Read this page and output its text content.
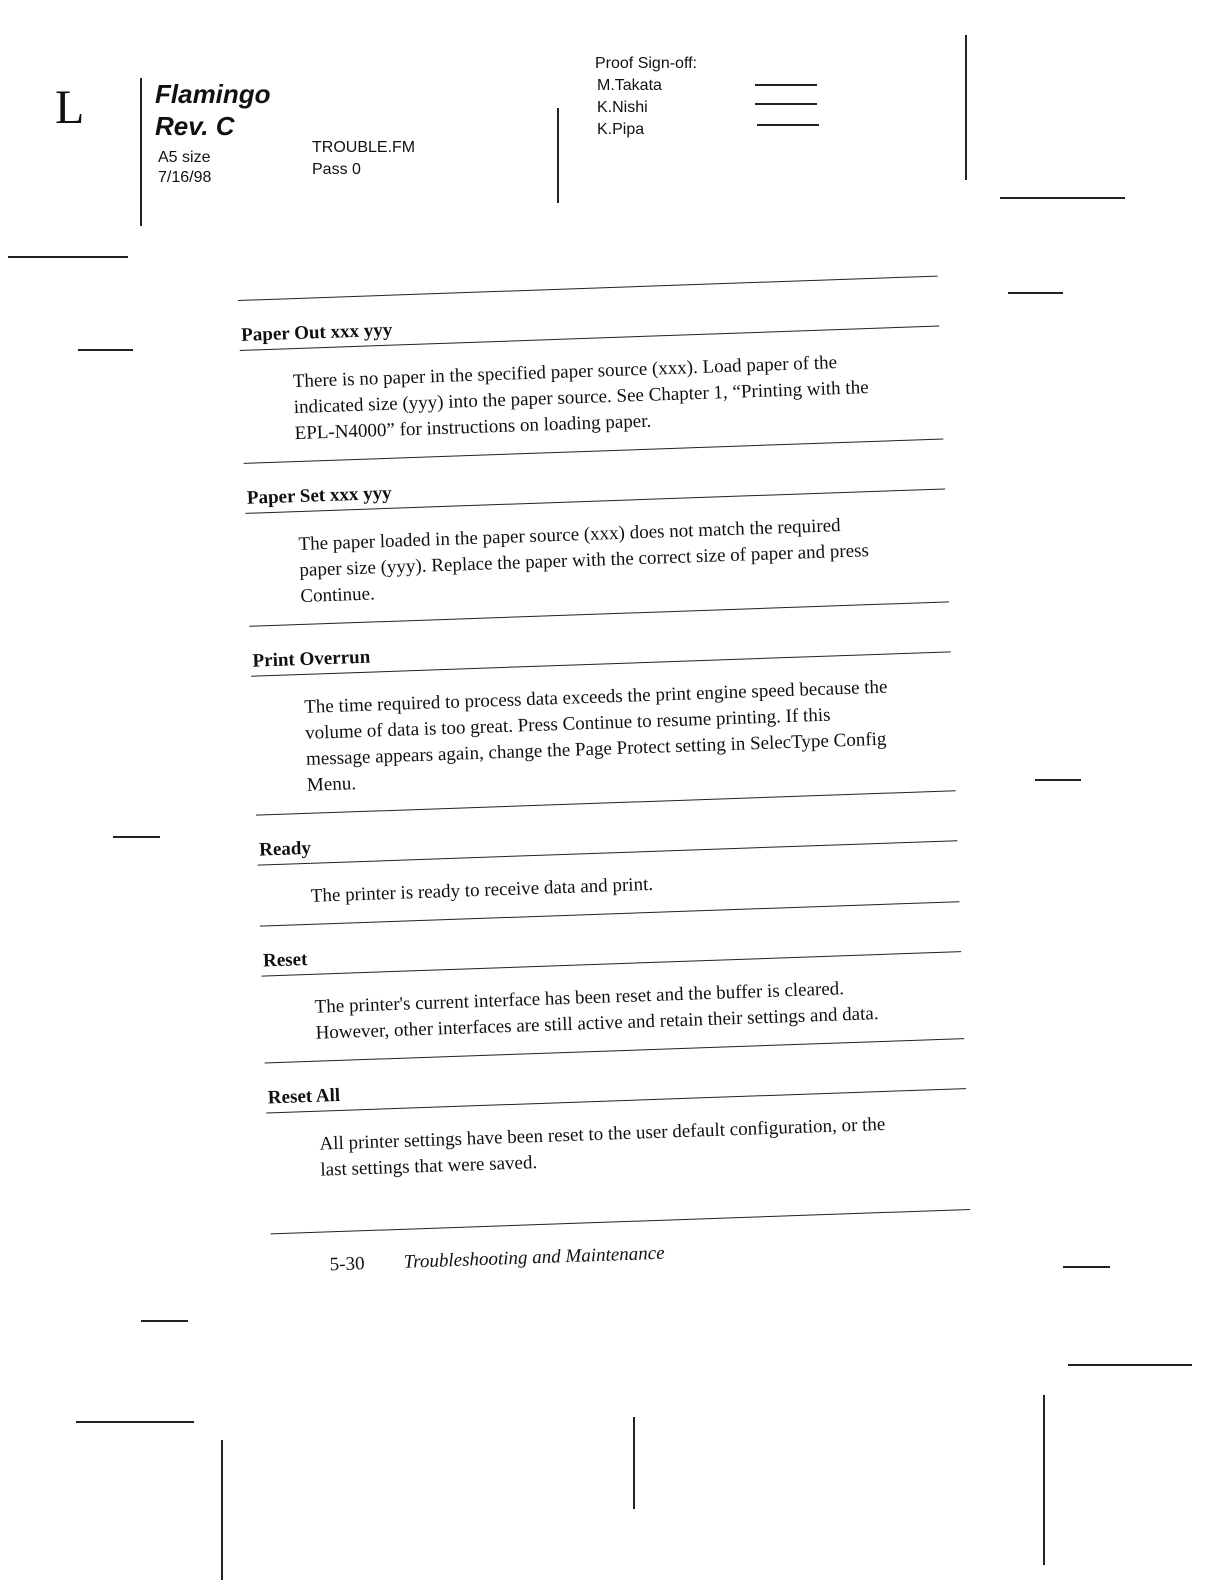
L	Flamingo
Rev. C
A5 size
7/16/98
TROUBLE.FM
Pass 0
Proof Sign-off:
M.Takata
K.Nishi
K.Pipa
Paper Out xxx yyy
There is no paper in the specified paper source (xxx). Load paper of the indicated size (yyy) into the paper source. See Chapter 1, “Printing with the EPL-N4000” for instructions on loading paper.
Paper Set xxx yyy
The paper loaded in the paper source (xxx) does not match the required paper size (yyy). Replace the paper with the correct size of paper and press Continue.
Print Overrun
The time required to process data exceeds the print engine speed because the volume of data is too great. Press Continue to resume printing. If this message appears again, change the Page Protect setting in SelecType Config Menu.
Ready
The printer is ready to receive data and print.
Reset
The printer's current interface has been reset and the buffer is cleared. However, other interfaces are still active and retain their settings and data.
Reset All
All printer settings have been reset to the user default configuration, or the last settings that were saved.
5-30 Troubleshooting and Maintenance
